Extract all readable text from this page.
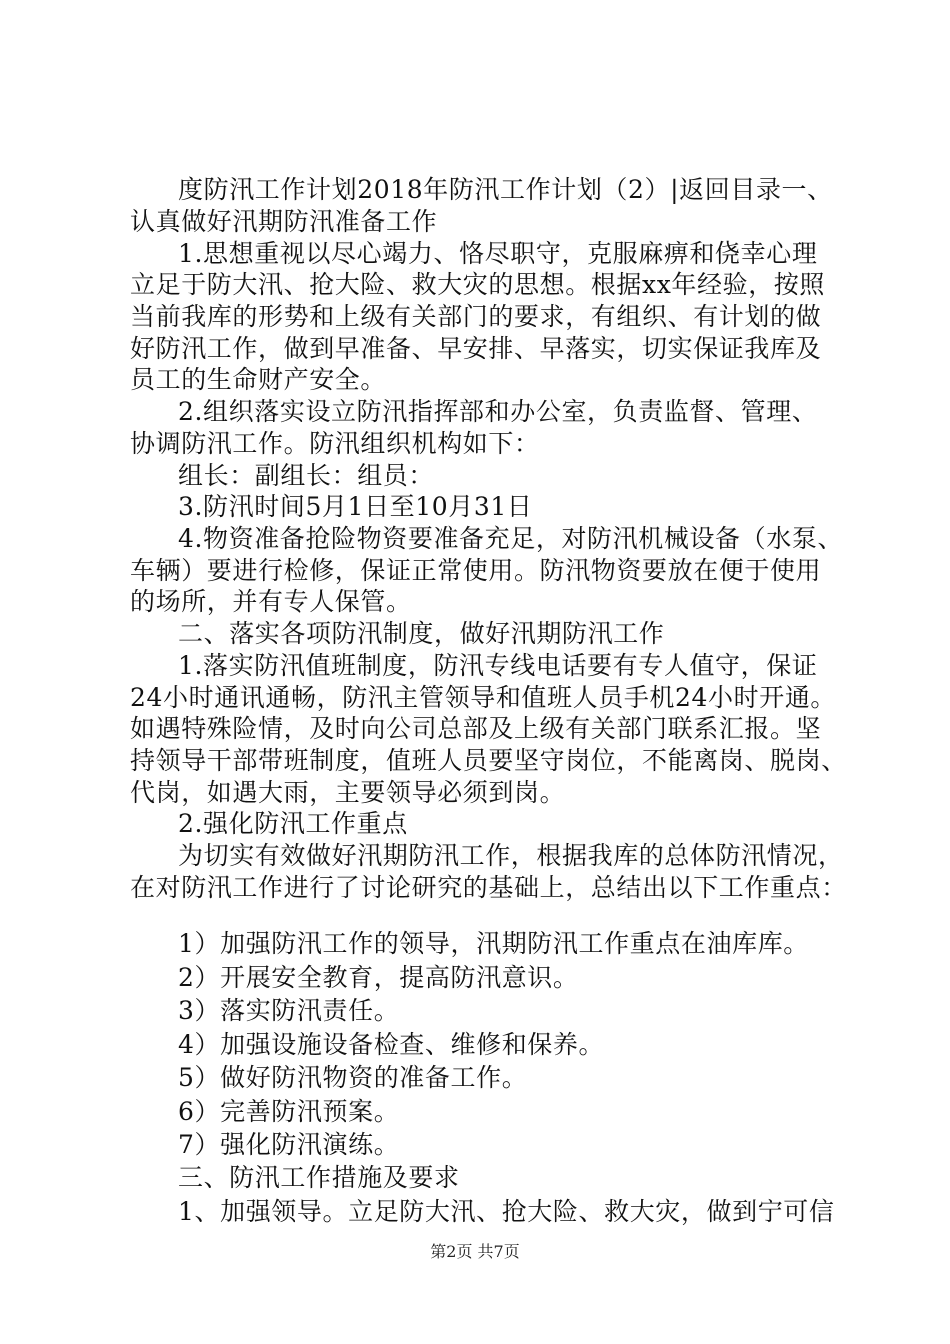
度防汛工作计划2018年防汛工作计划（2）|返回目录一、
认真做好汛期防汛准备工作
1.思想重视以尽心竭力、恪尽职守，克服麻痹和侥幸心理
立足于防大汛、抢大险、救大灾的思想。根据xx年经验，按照
当前我库的形势和上级有关部门的要求，有组织、有计划的做
好防汛工作，做到早准备、早安排、早落实，切实保证我库及
员工的生命财产安全。
2.组织落实设立防汛指挥部和办公室，负责监督、管理、
协调防汛工作。防汛组织机构如下：
组长：副组长：组员：
3.防汛时间5月1日至10月31日
4.物资准备抢险物资要准备充足，对防汛机械设备（水泵、
车辆）要进行检修，保证正常使用。防汛物资要放在便于使用
的场所，并有专人保管。
二、落实各项防汛制度，做好汛期防汛工作
1.落实防汛值班制度，防汛专线电话要有专人值守，保证
24小时通讯通畅，防汛主管领导和值班人员手机24小时开通。
如遇特殊险情，及时向公司总部及上级有关部门联系汇报。坚
持领导干部带班制度，值班人员要坚守岗位，不能离岗、脱岗、
代岗，如遇大雨，主要领导必须到岗。
2.强化防汛工作重点
为切实有效做好汛期防汛工作，根据我库的总体防汛情况，
在对防汛工作进行了讨论研究的基础上，总结出以下工作重点：
1）加强防汛工作的领导，汛期防汛工作重点在油库库。
2）开展安全教育，提高防汛意识。
3）落实防汛责任。
4）加强设施设备检查、维修和保养。
5）做好防汛物资的准备工作。
6）完善防汛预案。
7）强化防汛演练。
三、防汛工作措施及要求
1、加强领导。立足防大汛、抢大险、救大灾，做到宁可信
第2页 共7页
